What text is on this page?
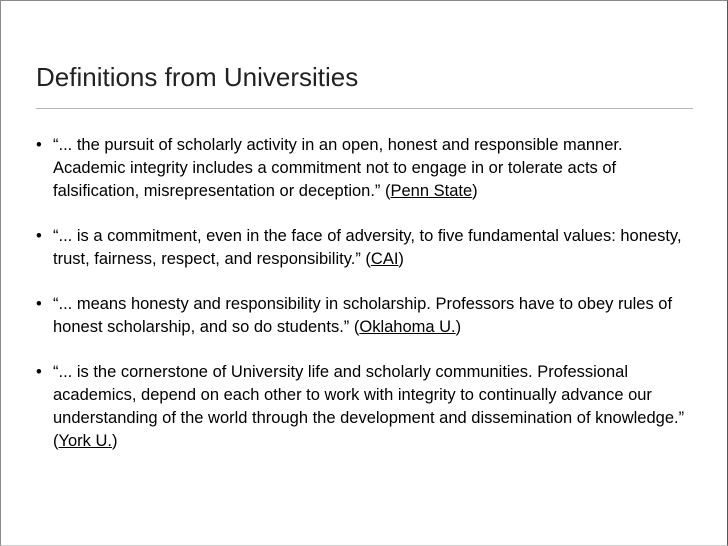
Definitions from Universities
• “... the pursuit of scholarly activity in an open, honest and responsible manner. Academic integrity includes a commitment not to engage in or tolerate acts of falsification, misrepresentation or deception.” (Penn State)
• “... is a commitment, even in the face of adversity, to five fundamental values: honesty, trust, fairness, respect, and responsibility.” (CAI)
• “... means honesty and responsibility in scholarship. Professors have to obey rules of honest scholarship, and so do students.” (Oklahoma U.)
• “... is the cornerstone of University life and scholarly communities. Professional academics, depend on each other to work with integrity to continually advance our understanding of the world through the development and dissemination of knowledge.” (York U.)
